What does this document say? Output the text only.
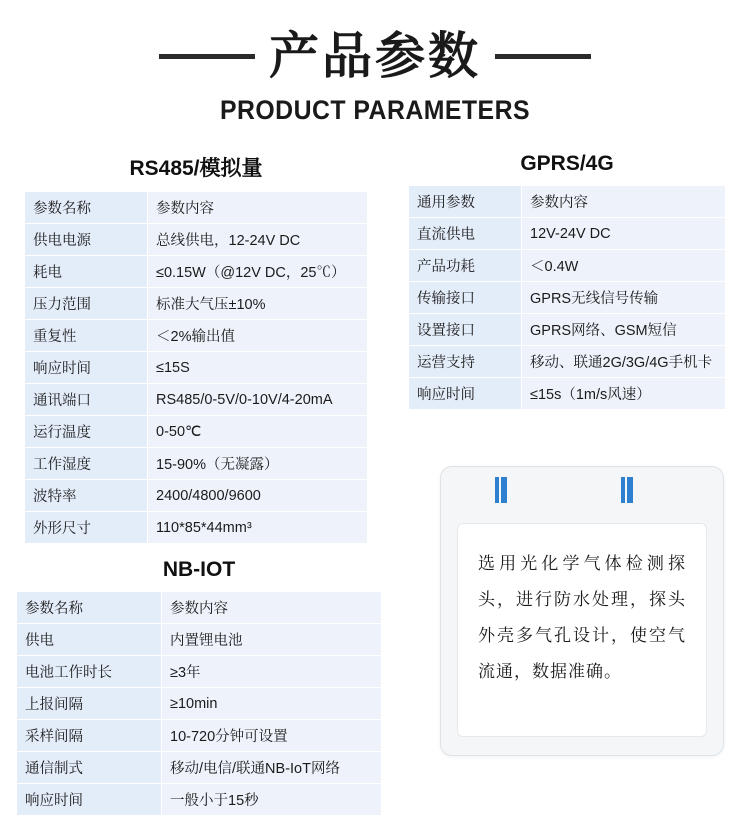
产品参数
PRODUCT PARAMETERS
RS485/模拟量
参数名称	参数内容
供电电源	总线供电，12-24V DC
耗电	≤0.15W（@12V DC，25℃）
压力范围	标准大气压±10%
重复性	＜2%输出值
响应时间	≤15S
通讯端口	RS485/0-5V/0-10V/4-20mA
运行温度	0-50℃
工作湿度	15-90%（无凝露）
波特率	2400/4800/9600
外形尺寸	110*85*44mm³
GPRS/4G
通用参数	参数内容
直流供电	12V-24V DC
产品功耗	＜0.4W
传输接口	GPRS无线信号传输
设置接口	GPRS网络、GSM短信
运营支持	移动、联通2G/3G/4G手机卡
响应时间	≤15s（1m/s风速）
NB-IOT
参数名称	参数内容
供电	内置锂电池
电池工作时长	≥3年
上报间隔	≥10min
采样间隔	10-720分钟可设置
通信制式	移动/电信/联通NB-IoT网络
响应时间	一般小于15秒

选用光化学气体检测探头，进行防水处理，探头外壳多气孔设计，使空气流通，数据准确。
